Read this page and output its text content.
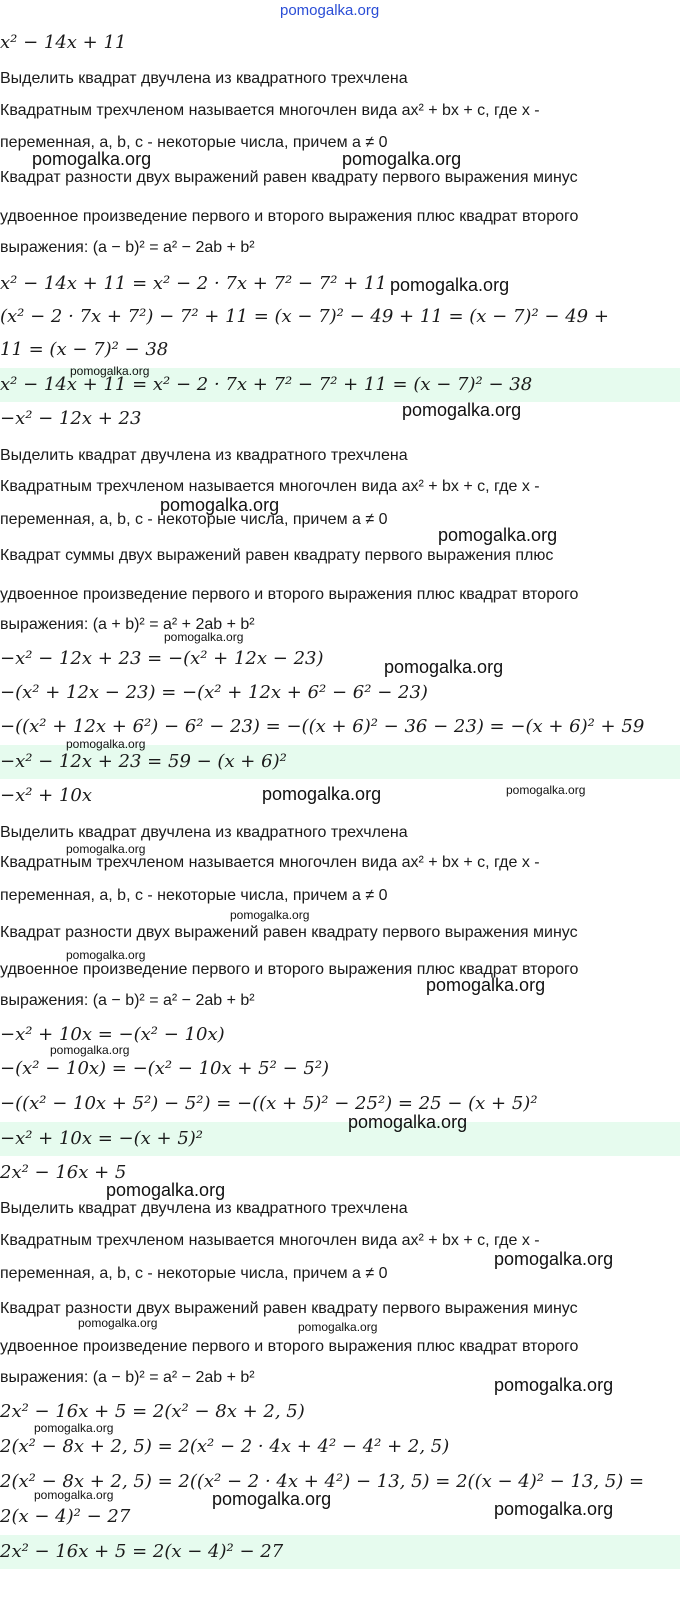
x² − 14x + 11
Выделить квадрат двучлена из квадратного трехчлена
Квадратным трехчленом называется многочлен вида ax² + bx + c, где x -
переменная, a, b, c - некоторые числа, причем a ≠ 0
Квадрат разности двух выражений равен квадрату первого выражения минус
удвоенное произведение первого и второго выражения плюс квадрат второго
выражения: (a − b)² = a² − 2ab + b²
x² − 14x + 11 = x² − 2 · 7x + 7² − 7² + 11
(x² − 2 · 7x + 7²) − 7² + 11 = (x − 7)² − 49 + 11 = (x − 7)² − 49 +
11 = (x − 7)² − 38
x² − 14x + 11 = x² − 2 · 7x + 7² − 7² + 11 = (x − 7)² − 38
−x² − 12x + 23
Выделить квадрат двучлена из квадратного трехчлена
Квадратным трехчленом называется многочлен вида ax² + bx + c, где x -
переменная, a, b, c - некоторые числа, причем a ≠ 0
Квадрат суммы двух выражений равен квадрату первого выражения плюс
удвоенное произведение первого и второго выражения плюс квадрат второго
выражения: (a + b)² = a² + 2ab + b²
−x² − 12x + 23 = −(x² + 12x − 23)
−(x² + 12x − 23) = −(x² + 12x + 6² − 6² − 23)
−((x² + 12x + 6²) − 6² − 23) = −((x + 6)² − 36 − 23) = −(x + 6)² + 59
−x² − 12x + 23 = 59 − (x + 6)²
−x² + 10x
Выделить квадрат двучлена из квадратного трехчлена
Квадратным трехчленом называется многочлен вида ax² + bx + c, где x -
переменная, a, b, c - некоторые числа, причем a ≠ 0
Квадрат разности двух выражений равен квадрату первого выражения минус
удвоенное произведение первого и второго выражения плюс квадрат второго
выражения: (a − b)² = a² − 2ab + b²
−x² + 10x = −(x² − 10x)
−(x² − 10x) = −(x² − 10x + 5² − 5²)
−((x² − 10x + 5²) − 5²) = −((x + 5)² − 25²) = 25 − (x + 5)²
−x² + 10x = −(x + 5)²
2x² − 16x + 5
Выделить квадрат двучлена из квадратного трехчлена
Квадратным трехчленом называется многочлен вида ax² + bx + c, где x -
переменная, a, b, c - некоторые числа, причем a ≠ 0
Квадрат разности двух выражений равен квадрату первого выражения минус
удвоенное произведение первого и второго выражения плюс квадрат второго
выражения: (a − b)² = a² − 2ab + b²
2x² − 16x + 5 = 2(x² − 8x + 2, 5)
2(x² − 8x + 2, 5) = 2(x² − 2 · 4x + 4² − 4² + 2, 5)
2(x² − 8x + 2, 5) = 2((x² − 2 · 4x + 4²) − 13, 5) = 2((x − 4)² − 13, 5) =
2(x − 4)² − 27
2x² − 16x + 5 = 2(x − 4)² − 27
pomogalka.org
pomogalka.org	pomogalka.org
pomogalka.org
pomogalka.org
pomogalka.org
pomogalka.org
pomogalka.org
pomogalka.org
pomogalka.org
pomogalka.org
pomogalka.org	pomogalka.org
pomogalka.org
pomogalka.org
pomogalka.org
pomogalka.org
pomogalka.org
pomogalka.org
pomogalka.org
pomogalka.org
pomogalka.org	pomogalka.org
pomogalka.org
pomogalka.org
pomogalka.org	pomogalka.org	pomogalka.org
